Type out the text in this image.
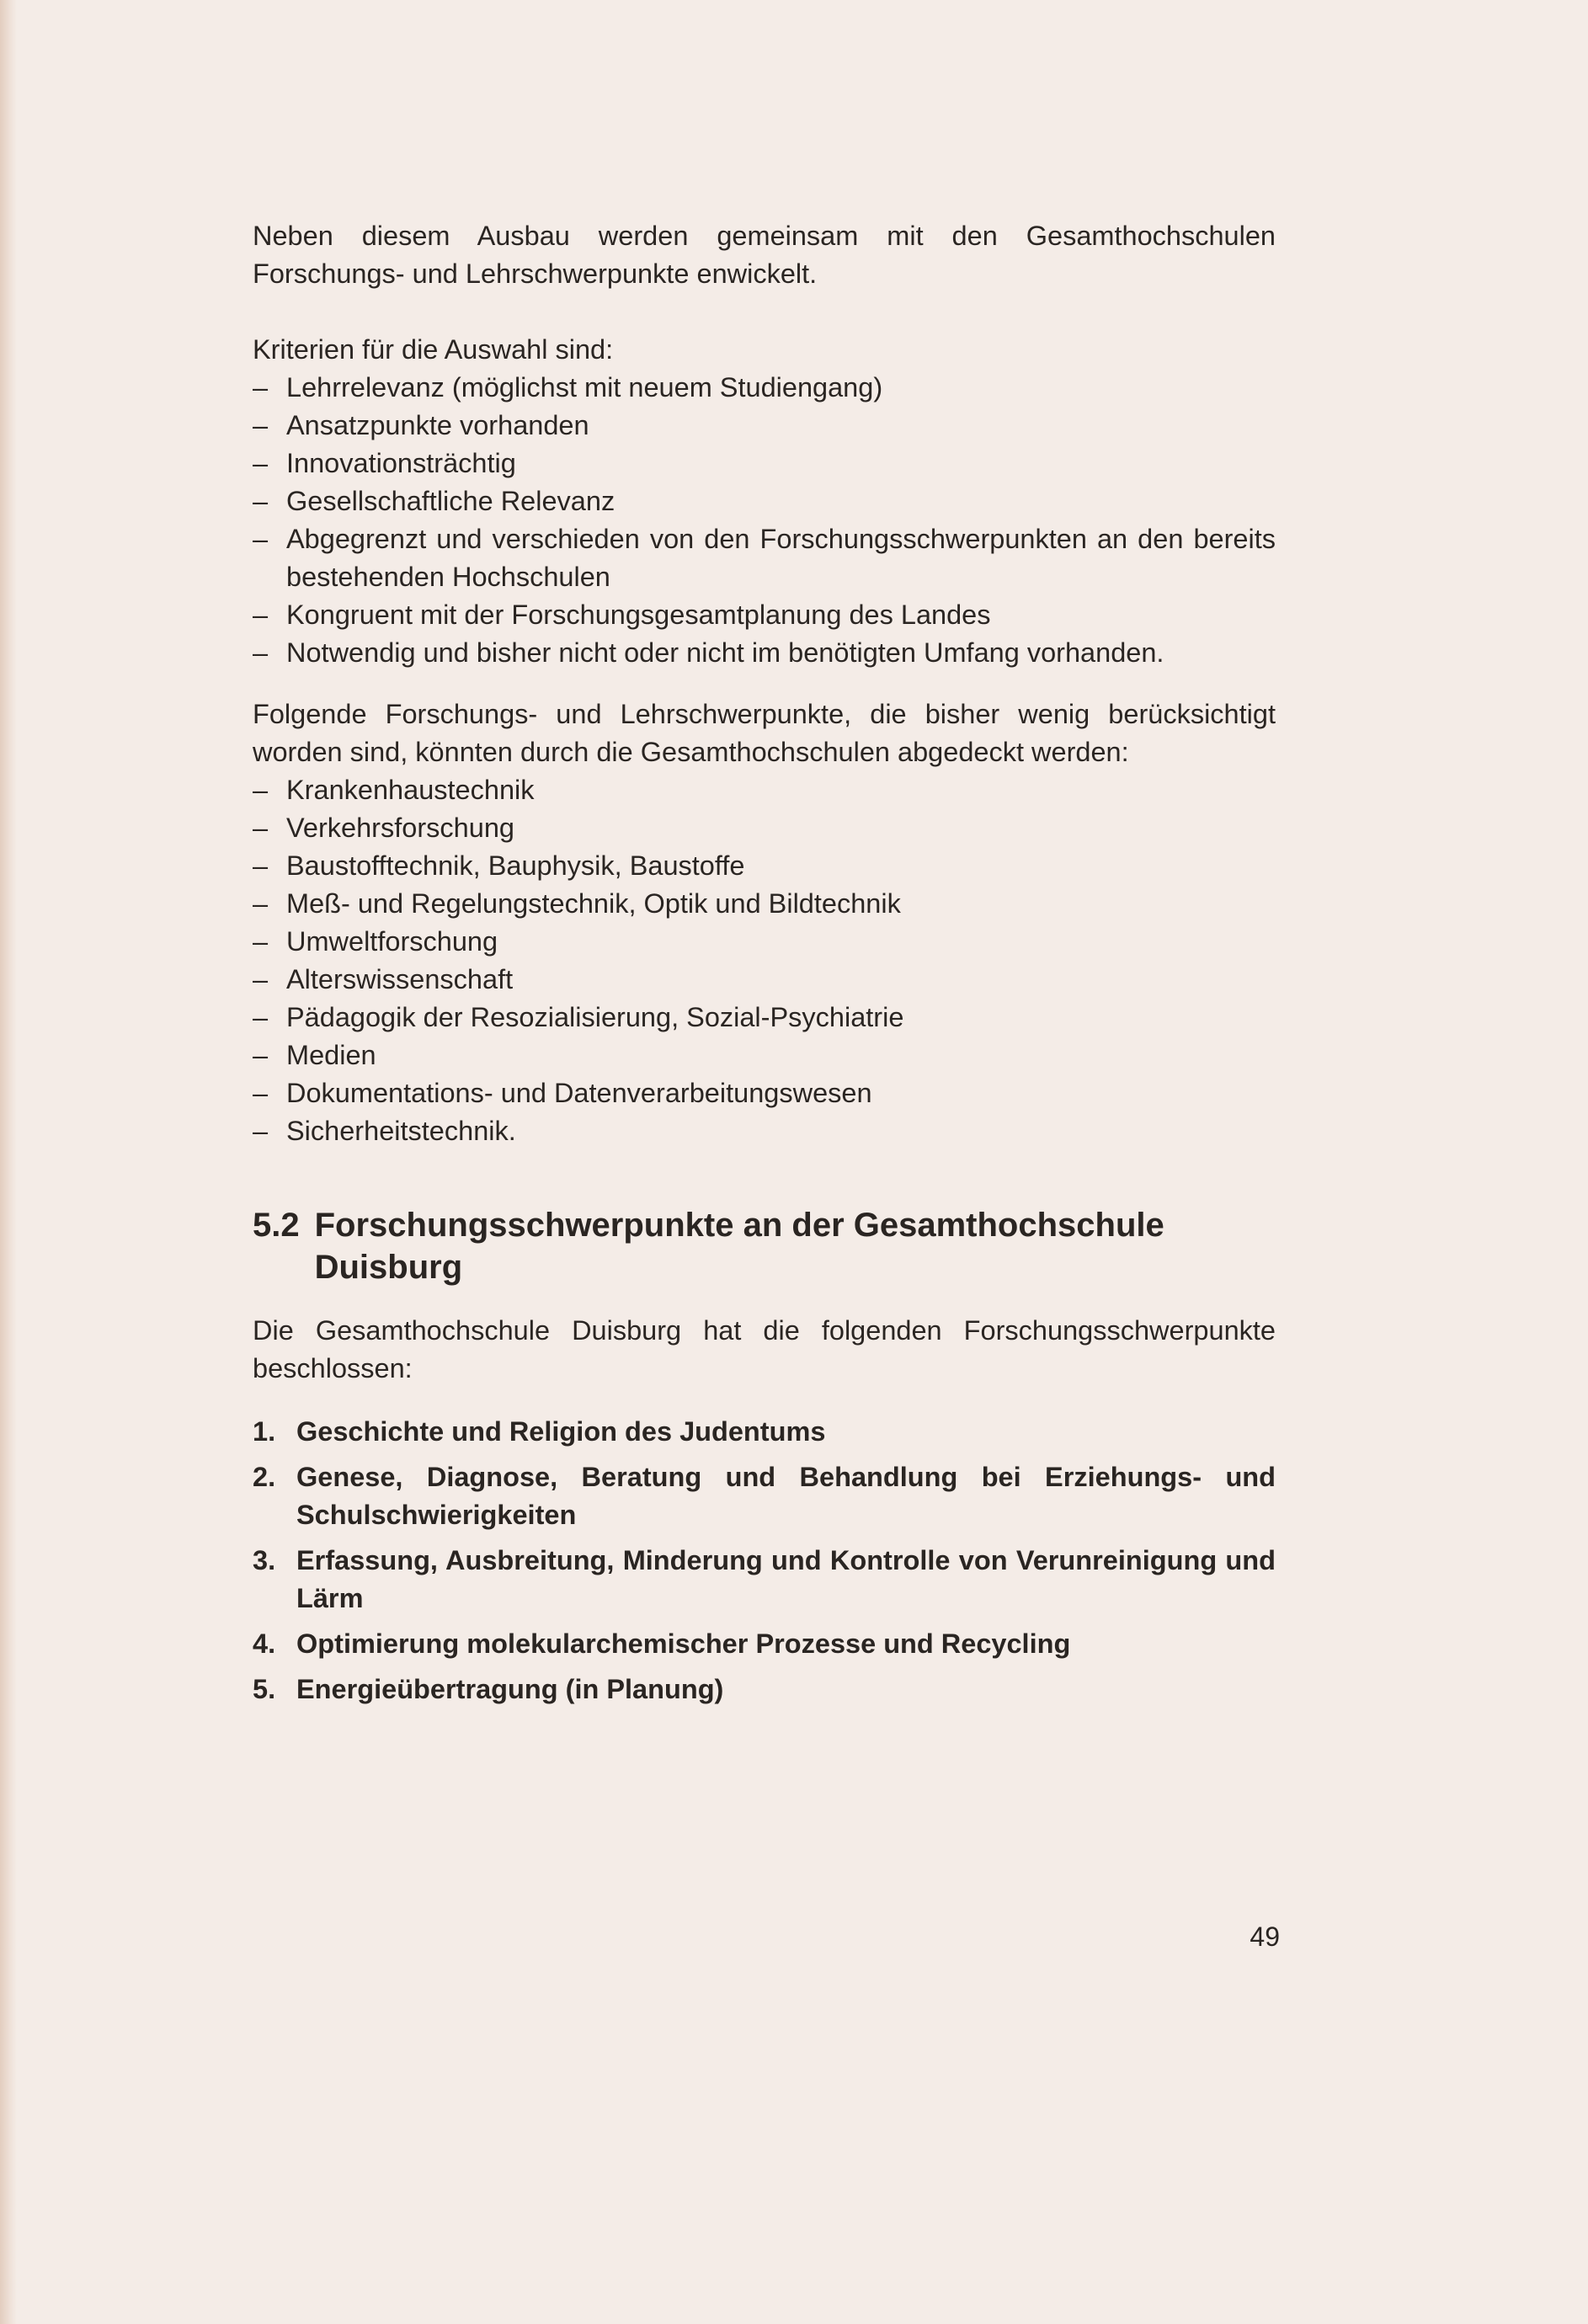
Neben diesem Ausbau werden gemeinsam mit den Gesamthochschulen Forschungs- und Lehrschwerpunkte enwickelt.

Kriterien für die Auswahl sind:

– Lehrrelevanz (möglichst mit neuem Studiengang)
– Ansatzpunkte vorhanden
– Innovationsträchtig
– Gesellschaftliche Relevanz
– Abgegrenzt und verschieden von den Forschungsschwerpunkten an den bereits bestehenden Hochschulen
– Kongruent mit der Forschungsgesamtplanung des Landes
– Notwendig und bisher nicht oder nicht im benötigten Umfang vorhanden.

Folgende Forschungs- und Lehrschwerpunkte, die bisher wenig berücksichtigt worden sind, könnten durch die Gesamthochschulen abgedeckt werden:

– Krankenhaustechnik
– Verkehrsforschung
– Baustofftechnik, Bauphysik, Baustoffe
– Meß- und Regelungstechnik, Optik und Bildtechnik
– Umweltforschung
– Alterswissenschaft
– Pädagogik der Resozialisierung, Sozial-Psychiatrie
– Medien
– Dokumentations- und Datenverarbeitungswesen
– Sicherheitstechnik.
5.2 Forschungsschwerpunkte an der Gesamthochschule Duisburg

Die Gesamthochschule Duisburg hat die folgenden Forschungsschwerpunkte beschlossen:

1. Geschichte und Religion des Judentums
2. Genese, Diagnose, Beratung und Behandlung bei Erziehungs- und Schulschwierigkeiten
3. Erfassung, Ausbreitung, Minderung und Kontrolle von Verunreinigung und Lärm
4. Optimierung molekularchemischer Prozesse und Recycling
5. Energieübertragung (in Planung)
49
